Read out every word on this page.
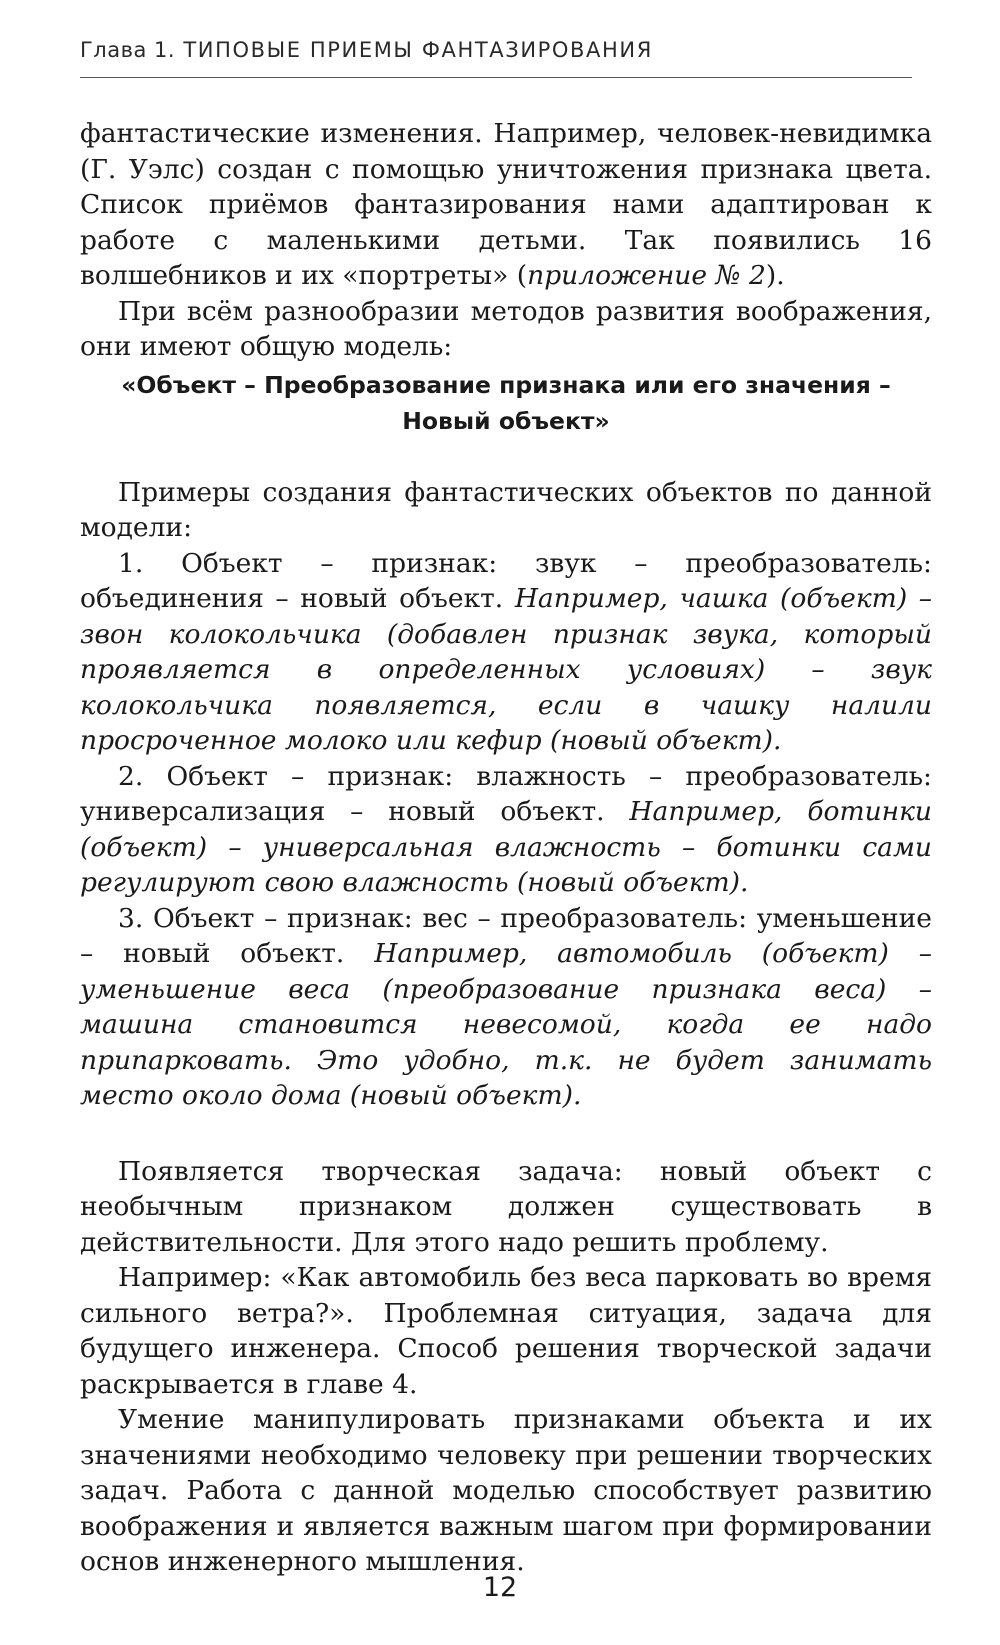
Глава 1. ТИПОВЫЕ ПРИЕМЫ ФАНТАЗИРОВАНИЯ

фантастические изменения. Например, человек-невидимка (Г. Уэлс) создан с помощью уничтожения признака цвета. Список приёмов фантазирования нами адаптирован к работе с маленькими детьми. Так появились 16 волшебников и их «портреты» (приложение № 2).

При всём разнообразии методов развития воображения, они имеют общую модель:

«Объект – Преобразование признака или его значения –
Новый объект»

Примеры создания фантастических объектов по данной модели:

1. Объект – признак: звук – преобразователь: объединения – новый объект. Например, чашка (объект) – звон колокольчика (добавлен признак звука, который проявляется в определенных условиях) – звук колокольчика появляется, если в чашку налили просроченное молоко или кефир (новый объект).

2. Объект – признак: влажность – преобразователь: универсализация – новый объект. Например, ботинки (объект) – универсальная влажность – ботинки сами регулируют свою влажность (новый объект).

3. Объект – признак: вес – преобразователь: уменьшение – новый объект. Например, автомобиль (объект) – уменьшение веса (преобразование признака веса) – машина становится невесомой, когда ее надо припарковать. Это удобно, т.к. не будет занимать место около дома (новый объект).

Появляется творческая задача: новый объект с необычным признаком должен существовать в действительности. Для этого надо решить проблему.

Например: «Как автомобиль без веса парковать во время сильного ветра?». Проблемная ситуация, задача для будущего инженера. Способ решения творческой задачи раскрывается в главе 4.

Умение манипулировать признаками объекта и их значениями необходимо человеку при решении творческих задач. Работа с данной моделью способствует развитию воображения и является важным шагом при формировании основ инженерного мышления.

12
